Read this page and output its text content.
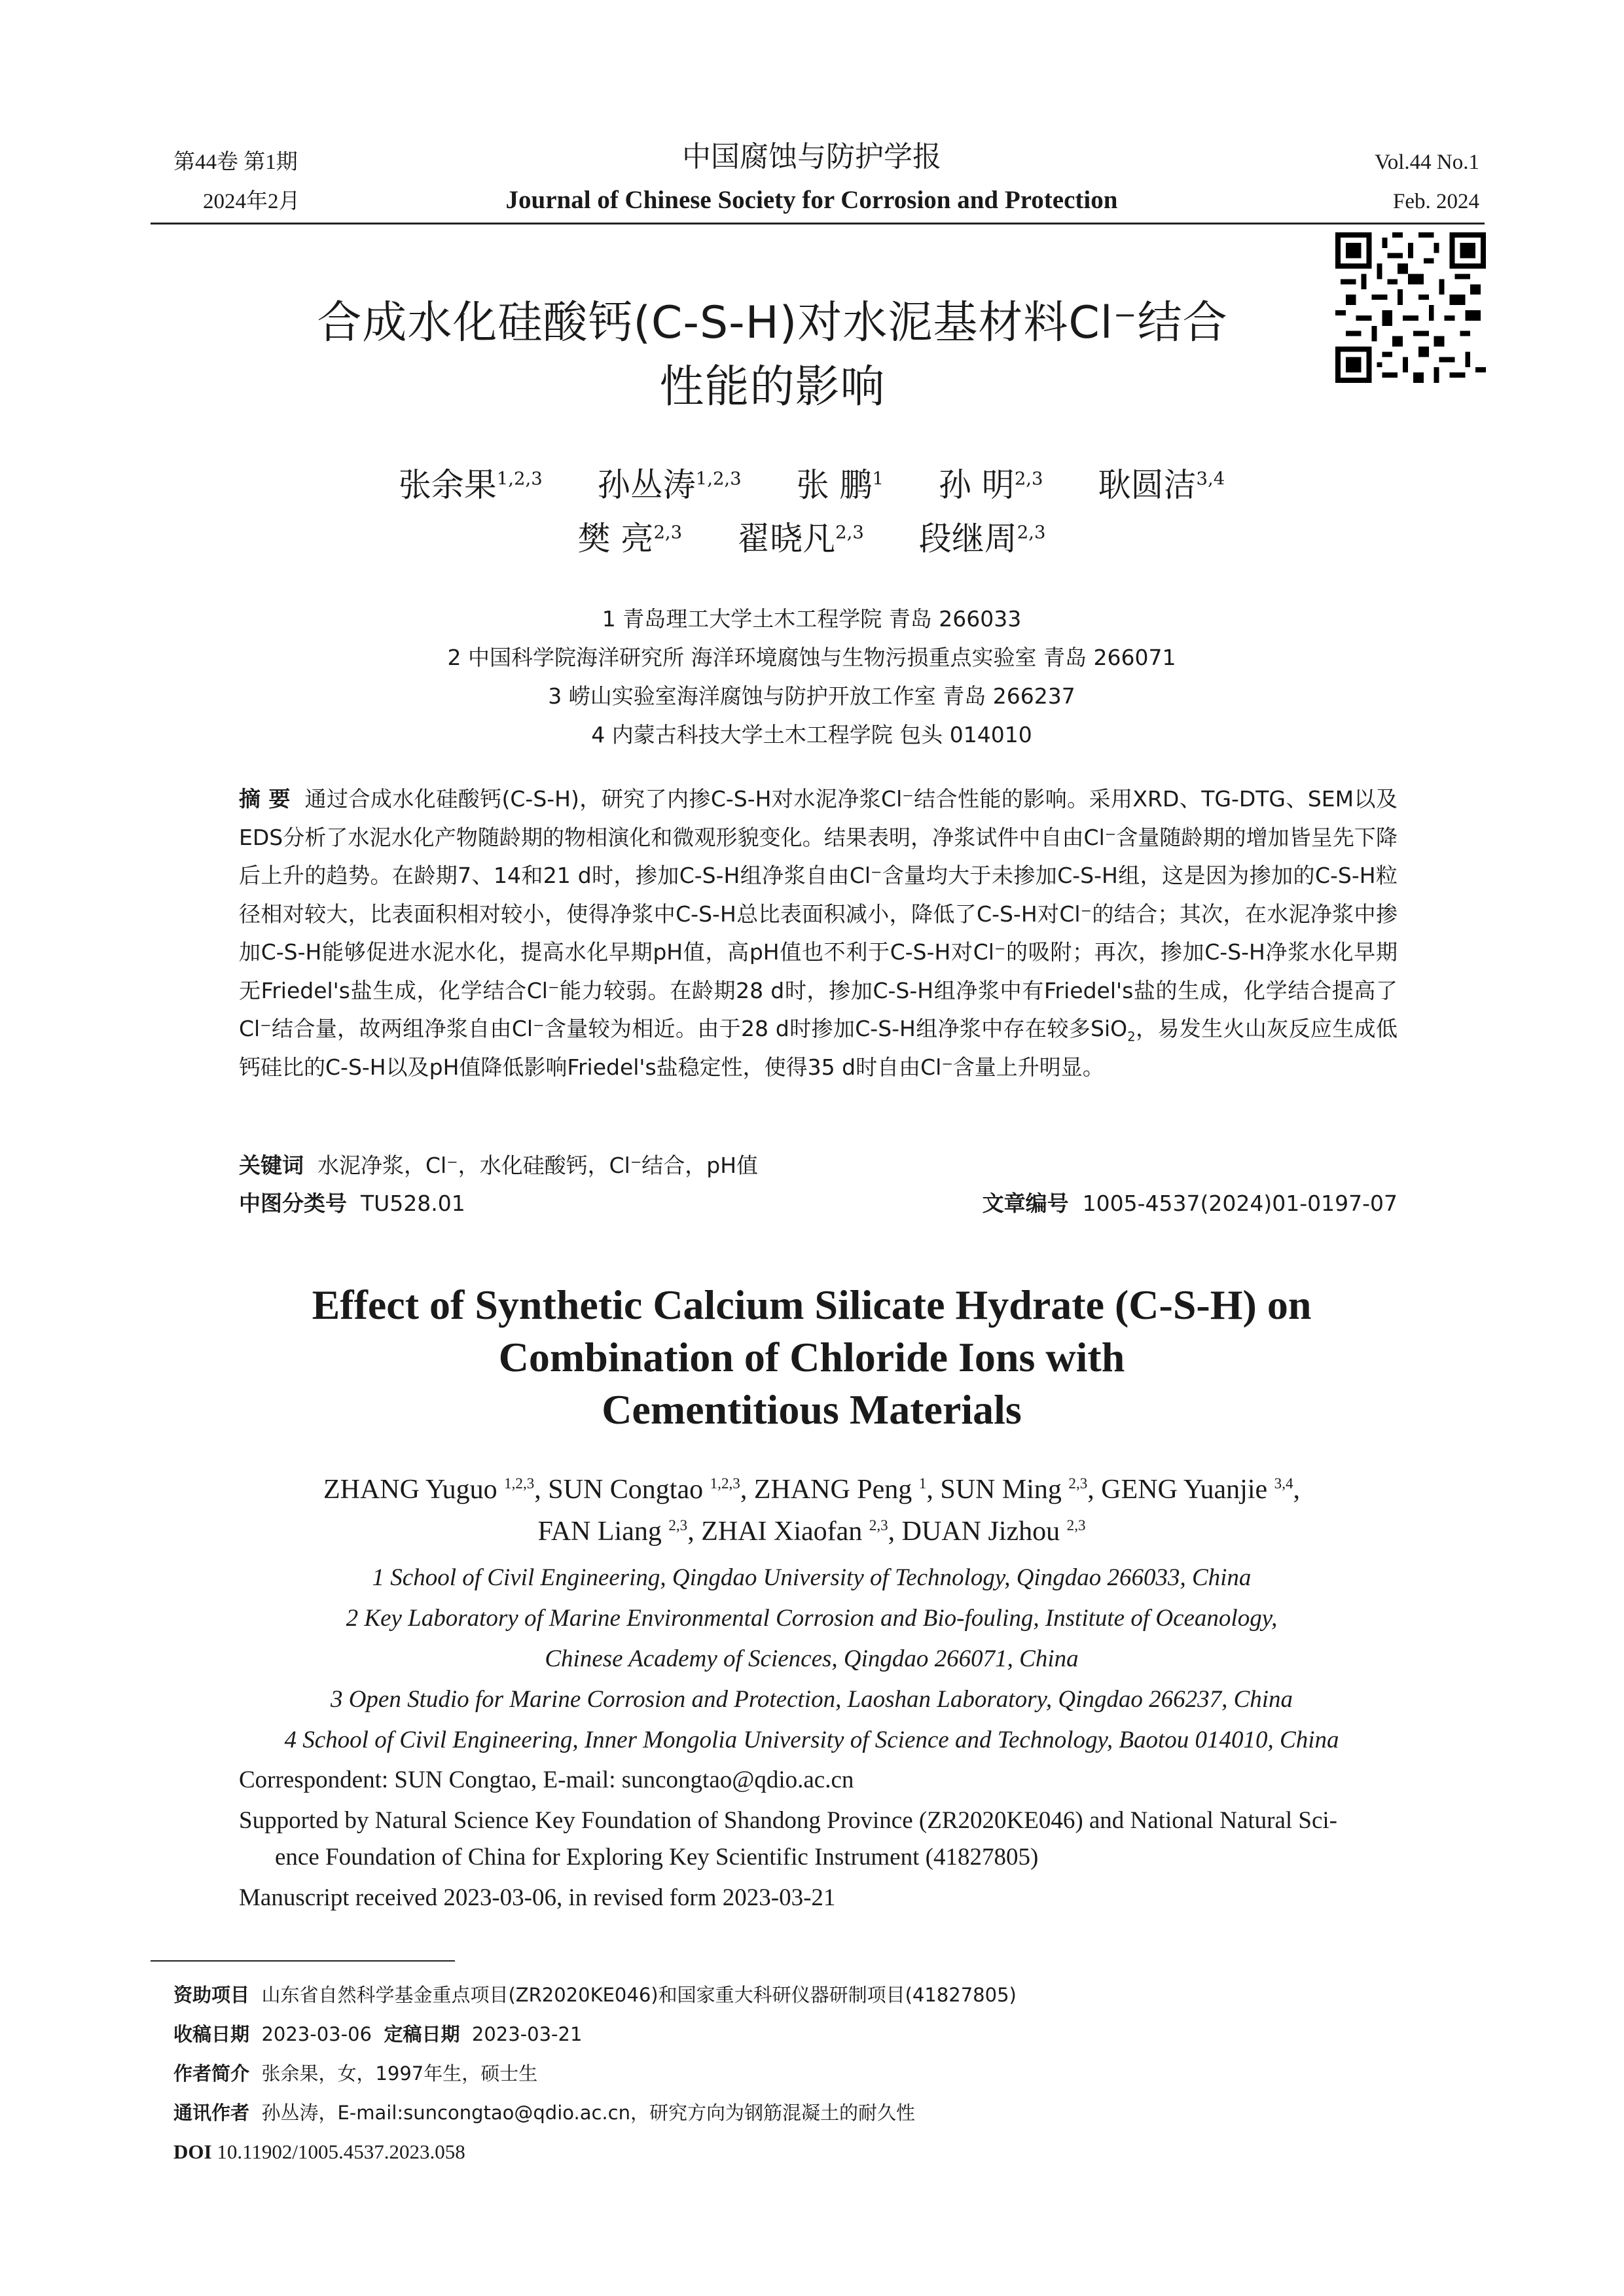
第44卷 第1期
2024年2月
中国腐蚀与防护学报
Journal of Chinese Society for Corrosion and Protection
Vol.44 No.1
Feb. 2024
合成水化硅酸钙(C-S-H)对水泥基材料Cl⁻结合
性能的影响
张余果$^{1,2,3}$ 孙丛涛$^{1,2,3}$ 张 鹏$^1$ 孙 明$^{2,3}$ 耿圆洁$^{3,4}$
樊 亮$^{2,3}$ 翟晓凡$^{2,3}$ 段继周$^{2,3}$
1 青岛理工大学土木工程学院 青岛 266033
2 中国科学院海洋研究所 海洋环境腐蚀与生物污损重点实验室 青岛 266071
3 崂山实验室海洋腐蚀与防护开放工作室 青岛 266237
4 内蒙古科技大学土木工程学院 包头 014010
摘 要 通过合成水化硅酸钙(C-S-H)，研究了内掺C-S-H对水泥净浆Cl⁻结合性能的影响。采用XRD、TG-DTG、SEM以及EDS分析了水泥水化产物随龄期的物相演化和微观形貌变化。结果表明，净浆试件中自由Cl⁻含量随龄期的增加皆呈先下降后上升的趋势。在龄期7、14和21 d时，掺加C-S-H组净浆自由Cl⁻含量均大于未掺加C-S-H组，这是因为掺加的C-S-H粒径相对较大，比表面积相对较小，使得净浆中C-S-H总比表面积减小，降低了C-S-H对Cl⁻的结合；其次，在水泥净浆中掺加C-S-H能够促进水泥水化，提高水化早期pH值，高pH值也不利于C-S-H对Cl⁻的吸附；再次，掺加C-S-H净浆水化早期无Friedel's盐生成，化学结合Cl⁻能力较弱。在龄期28 d时，掺加C-S-H组净浆中有Friedel's盐的生成，化学结合提高了Cl⁻结合量，故两组净浆自由Cl⁻含量较为相近。由于28 d时掺加C-S-H组净浆中存在较多SiO$_2$，易发生火山灰反应生成低钙硅比的C-S-H以及pH值降低影响Friedel's盐稳定性，使得35 d时自由Cl⁻含量上升明显。
关键词 水泥净浆，Cl⁻，水化硅酸钙，Cl⁻结合，pH值
中图分类号 TU528.01	文章编号 1005-4537(2024)01-0197-07
Effect of Synthetic Calcium Silicate Hydrate (C-S-H) on
Combination of Chloride Ions with
Cementitious Materials
ZHANG Yuguo $^{1,2,3}$, SUN Congtao $^{1,2,3}$, ZHANG Peng $^1$, SUN Ming $^{2,3}$, GENG Yuanjie $^{3,4}$,
FAN Liang $^{2,3}$, ZHAI Xiaofan $^{2,3}$, DUAN Jizhou $^{2,3}$
1 School of Civil Engineering, Qingdao University of Technology, Qingdao 266033, China
2 Key Laboratory of Marine Environmental Corrosion and Bio-fouling, Institute of Oceanology,
Chinese Academy of Sciences, Qingdao 266071, China
3 Open Studio for Marine Corrosion and Protection, Laoshan Laboratory, Qingdao 266237, China
4 School of Civil Engineering, Inner Mongolia University of Science and Technology, Baotou 014010, China
Correspondent: SUN Congtao, E-mail: suncongtao@qdio.ac.cn
Supported by Natural Science Key Foundation of Shandong Province (ZR2020KE046) and National Natural Sci-
ence Foundation of China for Exploring Key Scientific Instrument (41827805)
Manuscript received 2023-03-06, in revised form 2023-03-21
资助项目 山东省自然科学基金重点项目(ZR2020KE046)和国家重大科研仪器研制项目(41827805)
收稿日期 2023-03-06 定稿日期 2023-03-21
作者简介 张余果，女，1997年生，硕士生
通讯作者 孙丛涛，E-mail:suncongtao@qdio.ac.cn，研究方向为钢筋混凝土的耐久性
DOI 10.11902/1005.4537.2023.058
